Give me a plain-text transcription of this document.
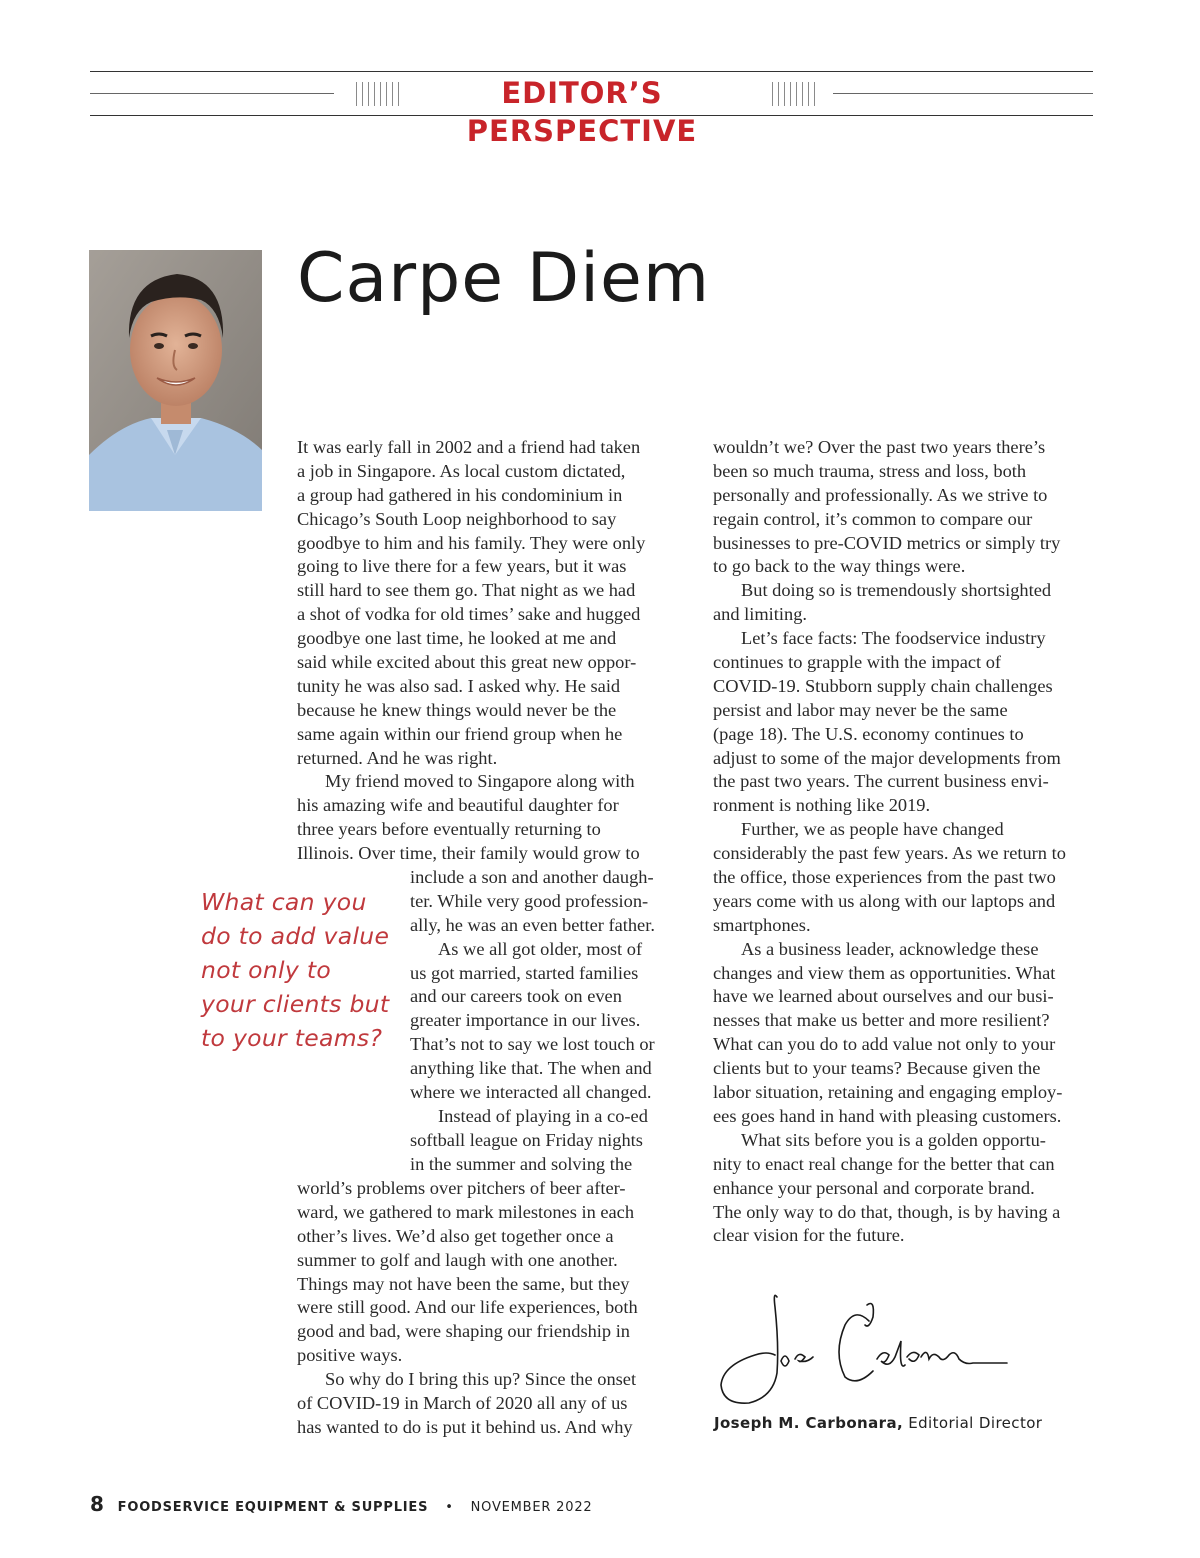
EDITOR’S PERSPECTIVE
Carpe Diem
It was early fall in 2002 and a friend had taken
a job in Singapore. As local custom dictated,
a group had gathered in his condominium in
Chicago’s South Loop neighborhood to say
goodbye to him and his family. They were only
going to live there for a few years, but it was
still hard to see them go. That night as we had
a shot of vodka for old times’ sake and hugged
goodbye one last time, he looked at me and
said while excited about this great new oppor-
tunity he was also sad. I asked why. He said
because he knew things would never be the
same again within our friend group when he
returned. And he was right.
My friend moved to Singapore along with
his amazing wife and beautiful daughter for
three years before eventually returning to
Illinois. Over time, their family would grow to
include a son and another daugh-
ter. While very good profession-
ally, he was an even better father.
As we all got older, most of
us got married, started families
and our careers took on even
greater importance in our lives.
That’s not to say we lost touch or
anything like that. The when and
where we interacted all changed.
Instead of playing in a co-ed
softball league on Friday nights
in the summer and solving the
world’s problems over pitchers of beer after-
ward, we gathered to mark milestones in each
other’s lives. We’d also get together once a
summer to golf and laugh with one another.
Things may not have been the same, but they
were still good. And our life experiences, both
good and bad, were shaping our friendship in
positive ways.
So why do I bring this up? Since the onset
of COVID-19 in March of 2020 all any of us
has wanted to do is put it behind us. And why
What can you
do to add value
not only to
your clients but
to your teams?
wouldn’t we? Over the past two years there’s
been so much trauma, stress and loss, both
personally and professionally. As we strive to
regain control, it’s common to compare our
businesses to pre-COVID metrics or simply try
to go back to the way things were.
But doing so is tremendously shortsighted
and limiting.
Let’s face facts: The foodservice industry
continues to grapple with the impact of
COVID-19. Stubborn supply chain challenges
persist and labor may never be the same
(page 18). The U.S. economy continues to
adjust to some of the major developments from
the past two years. The current business envi-
ronment is nothing like 2019.
Further, we as people have changed
considerably the past few years. As we return to
the office, those experiences from the past two
years come with us along with our laptops and
smartphones.
As a business leader, acknowledge these
changes and view them as opportunities. What
have we learned about ourselves and our busi-
nesses that make us better and more resilient?
What can you do to add value not only to your
clients but to your teams? Because given the
labor situation, retaining and engaging employ-
ees goes hand in hand with pleasing customers.
What sits before you is a golden opportu-
nity to enact real change for the better that can
enhance your personal and corporate brand.
The only way to do that, though, is by having a
clear vision for the future.
Joseph M. Carbonara, Editorial Director
8 FOODSERVICE EQUIPMENT & SUPPLIES • NOVEMBER 2022
